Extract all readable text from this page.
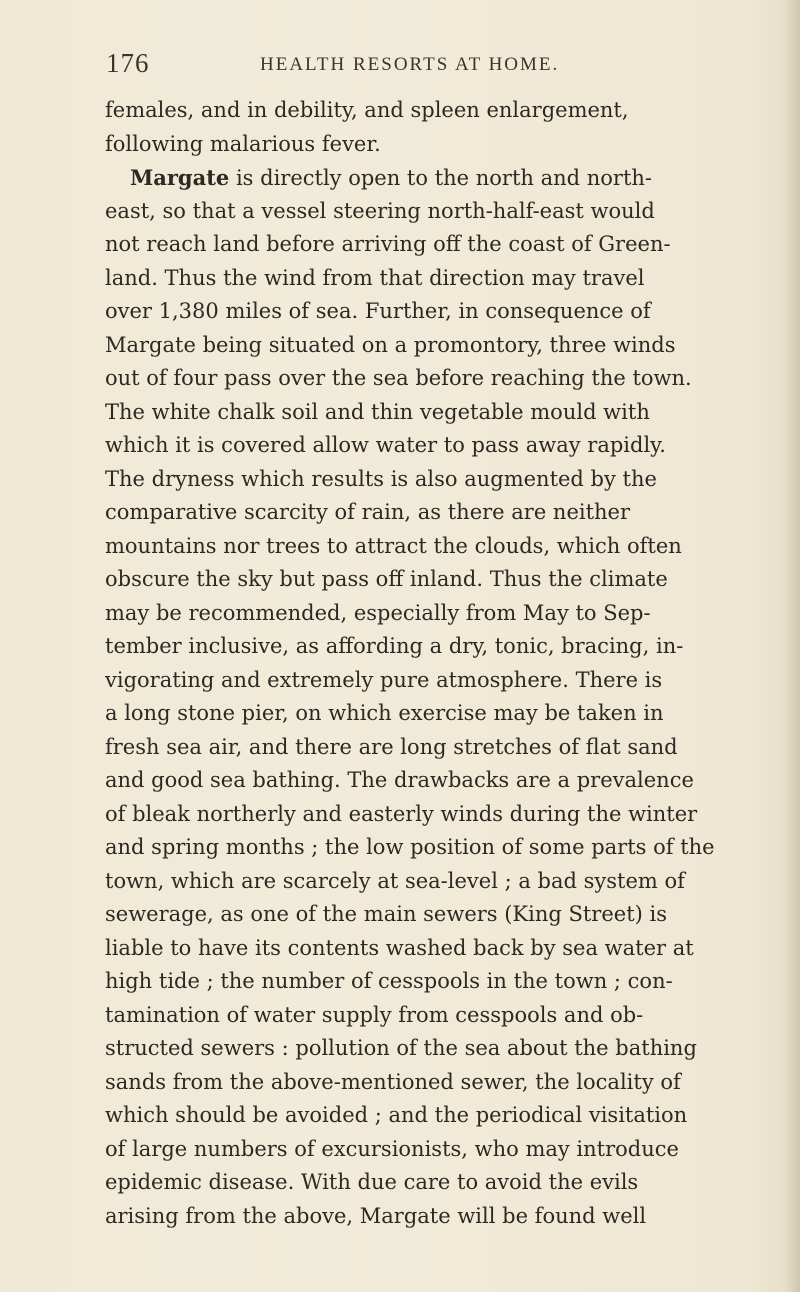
176	HEALTH RESORTS AT HOME.
females, and in debility, and spleen enlargement,
following malarious fever.
Margate is directly open to the north and north-
east, so that a vessel steering north-half-east would
not reach land before arriving off the coast of Green-
land. Thus the wind from that direction may travel
over 1,380 miles of sea. Further, in consequence of
Margate being situated on a promontory, three winds
out of four pass over the sea before reaching the town.
The white chalk soil and thin vegetable mould with
which it is covered allow water to pass away rapidly.
The dryness which results is also augmented by the
comparative scarcity of rain, as there are neither
mountains nor trees to attract the clouds, which often
obscure the sky but pass off inland. Thus the climate
may be recommended, especially from May to Sep-
tember inclusive, as affording a dry, tonic, bracing, in-
vigorating and extremely pure atmosphere. There is
a long stone pier, on which exercise may be taken in
fresh sea air, and there are long stretches of flat sand
and good sea bathing. The drawbacks are a prevalence
of bleak northerly and easterly winds during the winter
and spring months ; the low position of some parts of the
town, which are scarcely at sea-level ; a bad system of
sewerage, as one of the main sewers (King Street) is
liable to have its contents washed back by sea water at
high tide ; the number of cesspools in the town ; con-
tamination of water supply from cesspools and ob-
structed sewers : pollution of the sea about the bathing
sands from the above-mentioned sewer, the locality of
which should be avoided ; and the periodical visitation
of large numbers of excursionists, who may introduce
epidemic disease. With due care to avoid the evils
arising from the above, Margate will be found well
